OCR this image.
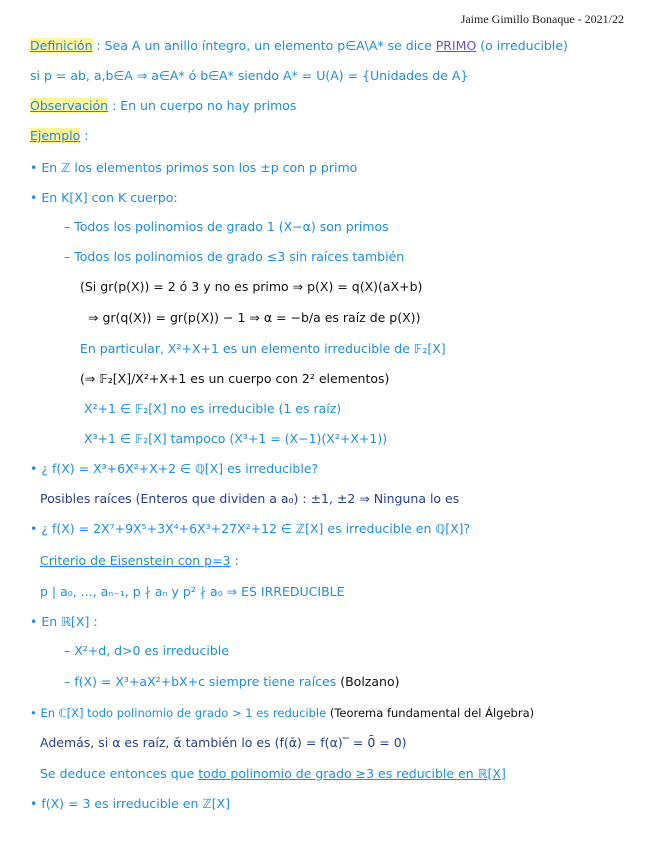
Jaime Gimillo Bonaque - 2021/22
Definición : Sea A un anillo íntegro, un elemento p∈A\A* se dice PRIMO (o irreducible)
si p = ab, a,b∈A ⇒ a∈A* ó b∈A* siendo A* = U(A) = {Unidades de A}
Observación : En un cuerpo no hay primos
Ejemplo :
• En ℤ los elementos primos son los ±p con p primo
• En K[X] con K cuerpo:
– Todos los polinomios de grado 1 (X−α) son primos
– Todos los polinomios de grado ≤3 sin raíces también
(Si gr(p(X)) = 2 ó 3 y no es primo ⇒ p(X) = q(X)(aX+b)
⇒ gr(q(X)) = gr(p(X)) − 1 ⇒ α = −b/a es raíz de p(X))
En particular, X²+X+1 es un elemento irreducible de 𝔽₂[X]
(⇒ 𝔽₂[X]/X²+X+1 es un cuerpo con 2² elementos)
X²+1 ∈ 𝔽₂[X] no es irreducible (1 es raíz)
X³+1 ∈ 𝔽₂[X] tampoco (X³+1 = (X−1)(X²+X+1))
• ¿ f(X) = X³+6X²+X+2 ∈ ℚ[X] es irreducible?
Posibles raíces (Enteros que dividen a a₀) : ±1, ±2 ⇒ Ninguna lo es
• ¿ f(X) = 2X⁷+9X⁵+3X⁴+6X³+27X²+12 ∈ ℤ[X] es irreducible en ℚ[X]?
Criterio de Eisenstein con p=3 :
p | a₀, ..., aₙ₋₁, p ∤ aₙ y p² ∤ a₀ ⇒ ES IRREDUCIBLE
• En ℝ[X] :
– X²+d, d>0 es irreducible
– f(X) = X³+aX²+bX+c siempre tiene raíces (Bolzano)
• En ℂ[X] todo polinomio de grado > 1 es reducible (Teorema fundamental del Álgebra)
Además, si α es raíz, ᾱ también lo es (f(ᾱ) = f(α)‾ = 0̄ = 0)
Se deduce entonces que todo polinomio de grado ≥3 es reducible en ℝ[X]
• f(X) = 3 es irreducible en ℤ[X]
